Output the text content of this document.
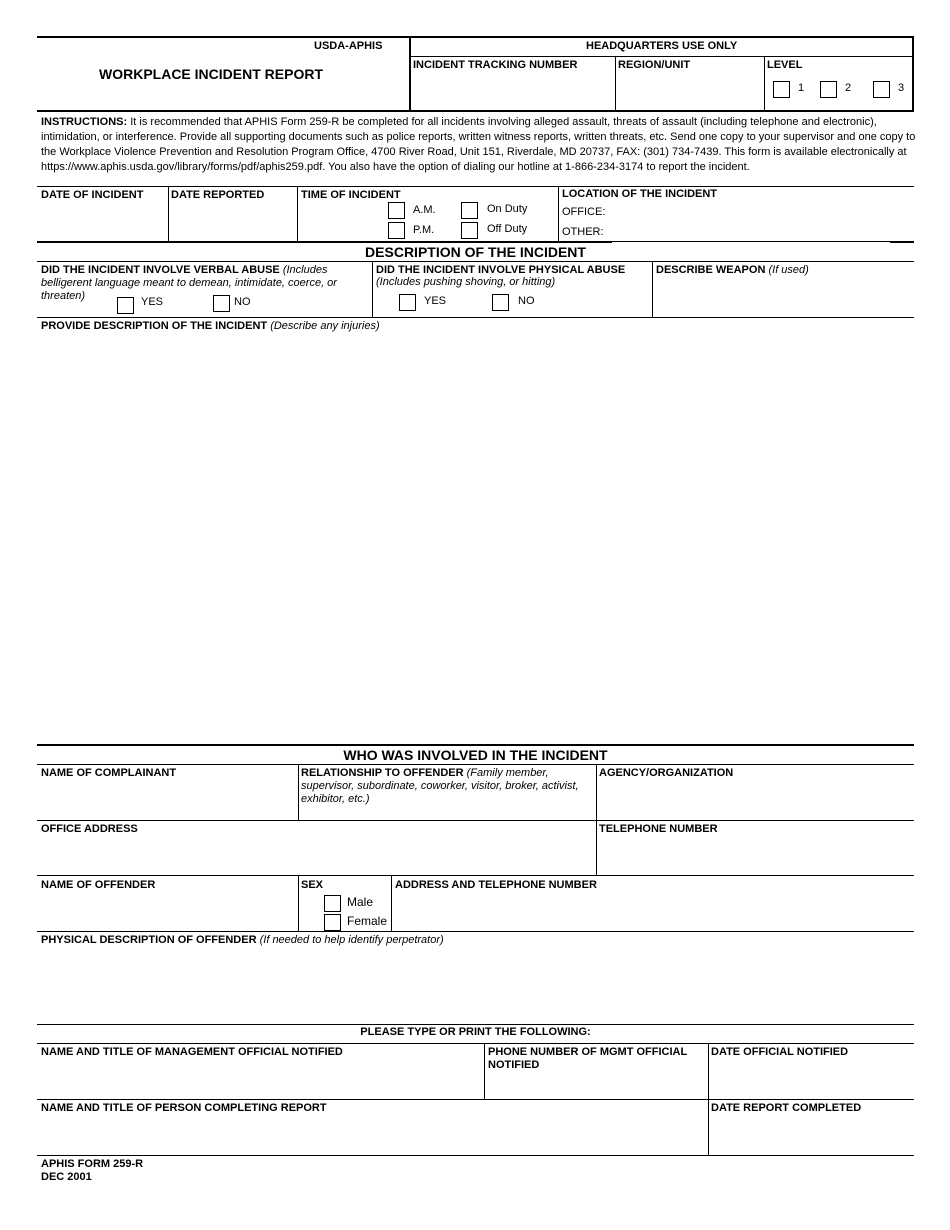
USDA-APHIS
WORKPLACE INCIDENT REPORT
HEADQUARTERS USE ONLY
INCIDENT TRACKING NUMBER	REGION/UNIT	LEVEL
1	2	3
INSTRUCTIONS: It is recommended that APHIS Form 259-R be completed for all incidents involving alleged assault, threats of assault (including telephone and electronic),
intimidation, or interference. Provide all supporting documents such as police reports, written witness reports, written threats, etc. Send one copy to your supervisor and one copy to
the Workplace Violence Prevention and Resolution Program Office, 4700 River Road, Unit 151, Riverdale, MD 20737, FAX: (301) 734-7439. This form is available electronically at
https://www.aphis.usda.gov/library/forms/pdf/aphis259.pdf. You also have the option of dialing our hotline at 1-866-234-3174 to report the incident.
DATE OF INCIDENT	DATE REPORTED	TIME OF INCIDENT
A.M.
P.M.
On Duty
Off Duty
LOCATION OF THE INCIDENT
OFFICE:
OTHER:
DESCRIPTION OF THE INCIDENT
DID THE INCIDENT INVOLVE VERBAL ABUSE (Includes
belligerent language meant to demean, intimidate, coerce, or
threaten)	YES	NO
DID THE INCIDENT INVOLVE PHYSICAL ABUSE
(Includes pushing shoving, or hitting)
YES	NO
DESCRIBE WEAPON (If used)
PROVIDE DESCRIPTION OF THE INCIDENT (Describe any injuries)
WHO WAS INVOLVED IN THE INCIDENT
NAME OF COMPLAINANT	RELATIONSHIP TO OFFENDER (Family member,
supervisor, subordinate, coworker, visitor, broker, activist,
exhibitor, etc.)
AGENCY/ORGANIZATION
OFFICE ADDRESS	TELEPHONE NUMBER
NAME OF OFFENDER	SEX
Male
Female
ADDRESS AND TELEPHONE NUMBER
PHYSICAL DESCRIPTION OF OFFENDER (If needed to help identify perpetrator)
PLEASE TYPE OR PRINT THE FOLLOWING:
NAME AND TITLE OF MANAGEMENT OFFICIAL NOTIFIED	PHONE NUMBER OF MGMT OFFICIAL
NOTIFIED
DATE OFFICIAL NOTIFIED
NAME AND TITLE OF PERSON COMPLETING REPORT	DATE REPORT COMPLETED
APHIS FORM 259-R
DEC 2001
